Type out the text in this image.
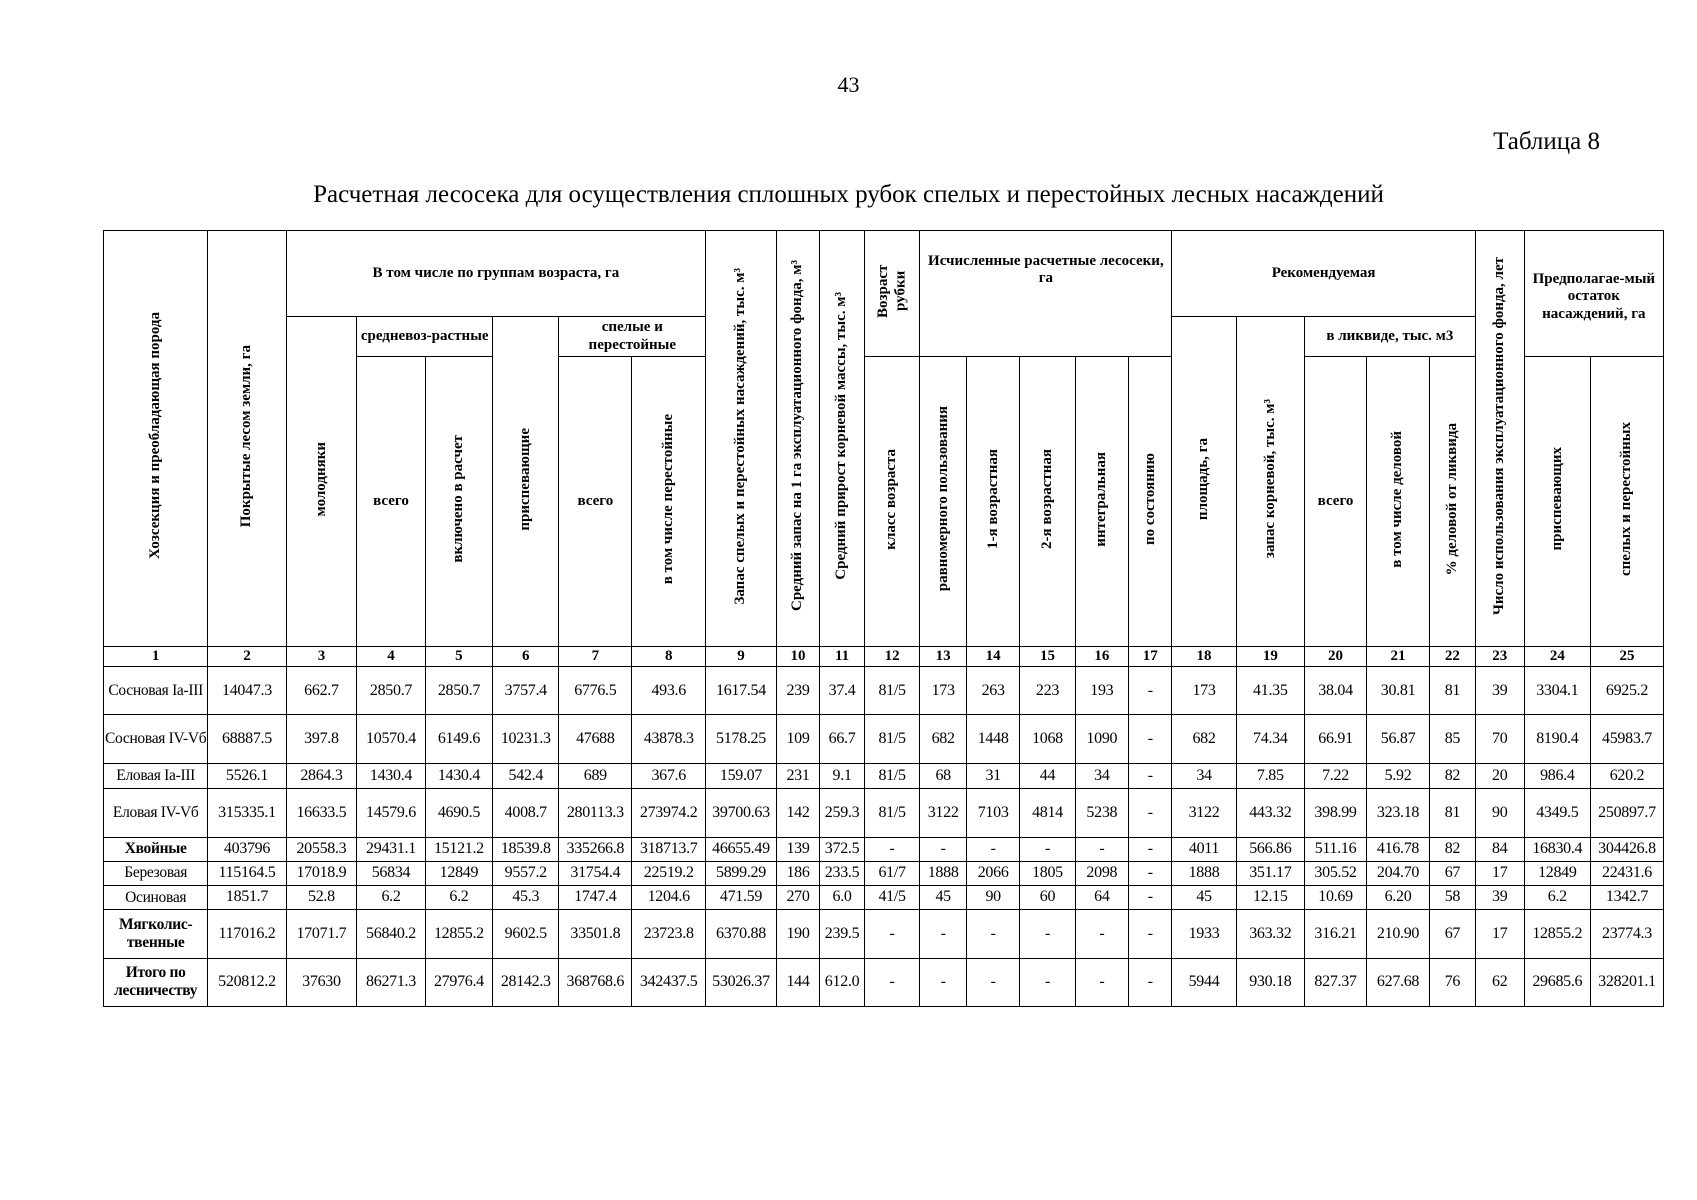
43
Таблица 8
Расчетная лесосека для осуществления сплошных рубок спелых и перестойных лесных насаждений
Хозсекция и преобладающая порода	Покрытые лесом земли, га	В том числе по группам возраста, га						Запас спелых и перестойных насаждений, тыс. м³	Средний запас на 1 га эксплуатационного фонда, м³	Средний прирост корневой массы, тыс. м³	Возраст рубки	Исчисленные расчетные лесосеки, га					Рекомендуемая					Число использования эксплуатационного фонда, лет	Предполагае-мый остаток насаждений, га	
		молодняки	средневоз-растные		приспевающие	спелые и перестойные											площадь, га	запас корневой, тыс. м³	в ликвиде, тыс. м3					
			всего	включено в расчет		всего	в том числе перестойные				класс возраста	равномерного пользования	1-я возрастная	2-я возрастная	интегральная	по состоянию			всего	в том числе деловой	% деловой от ликвида		приспевающих	спелых и перестойных
1	2	3	4	5	6	7	8	9	10	11	12	13	14	15	16	17	18	19	20	21	22	23	24	25
Сосновая Ia-III	14047.3	662.7	2850.7	2850.7	3757.4	6776.5	493.6	1617.54	239	37.4	81/5	173	263	223	193	-	173	41.35	38.04	30.81	81	39	3304.1	6925.2
Сосновая IV-Vб	68887.5	397.8	10570.4	6149.6	10231.3	47688	43878.3	5178.25	109	66.7	81/5	682	1448	1068	1090	-	682	74.34	66.91	56.87	85	70	8190.4	45983.7
Еловая Ia-III	5526.1	2864.3	1430.4	1430.4	542.4	689	367.6	159.07	231	9.1	81/5	68	31	44	34	-	34	7.85	7.22	5.92	82	20	986.4	620.2
Еловая IV-Vб	315335.1	16633.5	14579.6	4690.5	4008.7	280113.3	273974.2	39700.63	142	259.3	81/5	3122	7103	4814	5238	-	3122	443.32	398.99	323.18	81	90	4349.5	250897.7
Хвойные	403796	20558.3	29431.1	15121.2	18539.8	335266.8	318713.7	46655.49	139	372.5	-	-	-	-	-	-	4011	566.86	511.16	416.78	82	84	16830.4	304426.8
Березовая	115164.5	17018.9	56834	12849	9557.2	31754.4	22519.2	5899.29	186	233.5	61/7	1888	2066	1805	2098	-	1888	351.17	305.52	204.70	67	17	12849	22431.6
Осиновая	1851.7	52.8	6.2	6.2	45.3	1747.4	1204.6	471.59	270	6.0	41/5	45	90	60	64	-	45	12.15	10.69	6.20	58	39	6.2	1342.7
Мягколис-твенные	117016.2	17071.7	56840.2	12855.2	9602.5	33501.8	23723.8	6370.88	190	239.5	-	-	-	-	-	-	1933	363.32	316.21	210.90	67	17	12855.2	23774.3
Итого по лесничеству	520812.2	37630	86271.3	27976.4	28142.3	368768.6	342437.5	53026.37	144	612.0	-	-	-	-	-	-	5944	930.18	827.37	627.68	76	62	29685.6	328201.1
